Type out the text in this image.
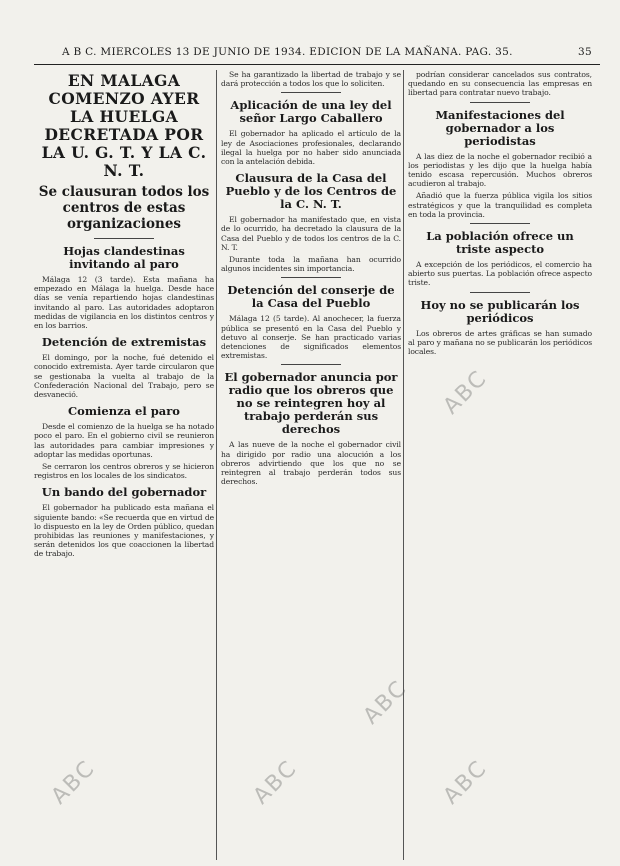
A B C. MIERCOLES 13 DE JUNIO DE 1934. EDICION DE LA MAÑANA. PAG. 35.	35
EN MALAGA COMENZO AYER LA HUELGA DECRETADA POR LA U. G. T. Y LA C. N. T.
Se clausuran todos los centros de estas organizaciones
Hojas clandestinas invitando al paro

Málaga 12 (3 tarde). Esta mañana ha empezado en Málaga la huelga. Desde hace días se venía repartiendo hojas clandestinas invitando al paro. Las autoridades adoptaron medidas de vigilancia en los distintos centros y en los barrios.

Detención de extremistas

El domingo, por la noche, fué detenido el conocido extremista. Ayer tarde circularon que se gestionaba la vuelta al trabajo de la Confederación Nacional del Trabajo, pero se desvaneció.

Comienza el paro

Desde el comienzo de la huelga se ha notado poco el paro. En el gobierno civil se reunieron las autoridades para cambiar impresiones y adoptar las medidas oportunas.

Se cerraron los centros obreros y se hicieron registros en los locales de los sindicatos.

Un bando del gobernador

El gobernador ha publicado esta mañana el siguiente bando: «Se recuerda que en virtud de lo dispuesto en la ley de Orden público, quedan prohibidas las reuniones y manifestaciones, y serán detenidos los que coaccionen la libertad de trabajo.

Se ha garantizado la libertad de trabajo y se dará protección a todos los que lo soliciten.

Aplicación de una ley del señor Largo Caballero

El gobernador ha aplicado el artículo de la ley de Asociaciones profesionales, declarando ilegal la huelga por no haber sido anunciada con la antelación debida.

Clausura de la Casa del Pueblo y de los Centros de la C. N. T.

El gobernador ha manifestado que, en vista de lo ocurrido, ha decretado la clausura de la Casa del Pueblo y de todos los centros de la C. N. T.

Durante toda la mañana han ocurrido algunos incidentes sin importancia.

Detención del conserje de la Casa del Pueblo

Málaga 12 (5 tarde). Al anochecer, la fuerza pública se presentó en la Casa del Pueblo y detuvo al conserje. Se han practicado varias detenciones de significados elementos extremistas.

El gobernador anuncia por radio que los obreros que no se reintegren hoy al trabajo perderán sus derechos

A las nueve de la noche el gobernador civil ha dirigido por radio una alocución a los obreros advirtiendo que los que no se reintegren al trabajo perderán todos sus derechos.

podrían considerar cancelados sus contratos, quedando en su consecuencia las empresas en libertad para contratar nuevo trabajo.

Manifestaciones del gobernador a los periodistas

A las diez de la noche el gobernador recibió a los periodistas y les dijo que la huelga había tenido escasa repercusión. Muchos obreros acudieron al trabajo.

Añadió que la fuerza pública vigila los sitios estratégicos y que la tranquilidad es completa en toda la provincia.

La población ofrece un triste aspecto

A excepción de los periódicos, el comercio ha abierto sus puertas. La población ofrece aspecto triste.

Hoy no se publicarán los periódicos

Los obreros de artes gráficas se han sumado al paro y mañana no se publicarán los periódicos locales.

ABC	ABC	ABC
ABC
ABC
